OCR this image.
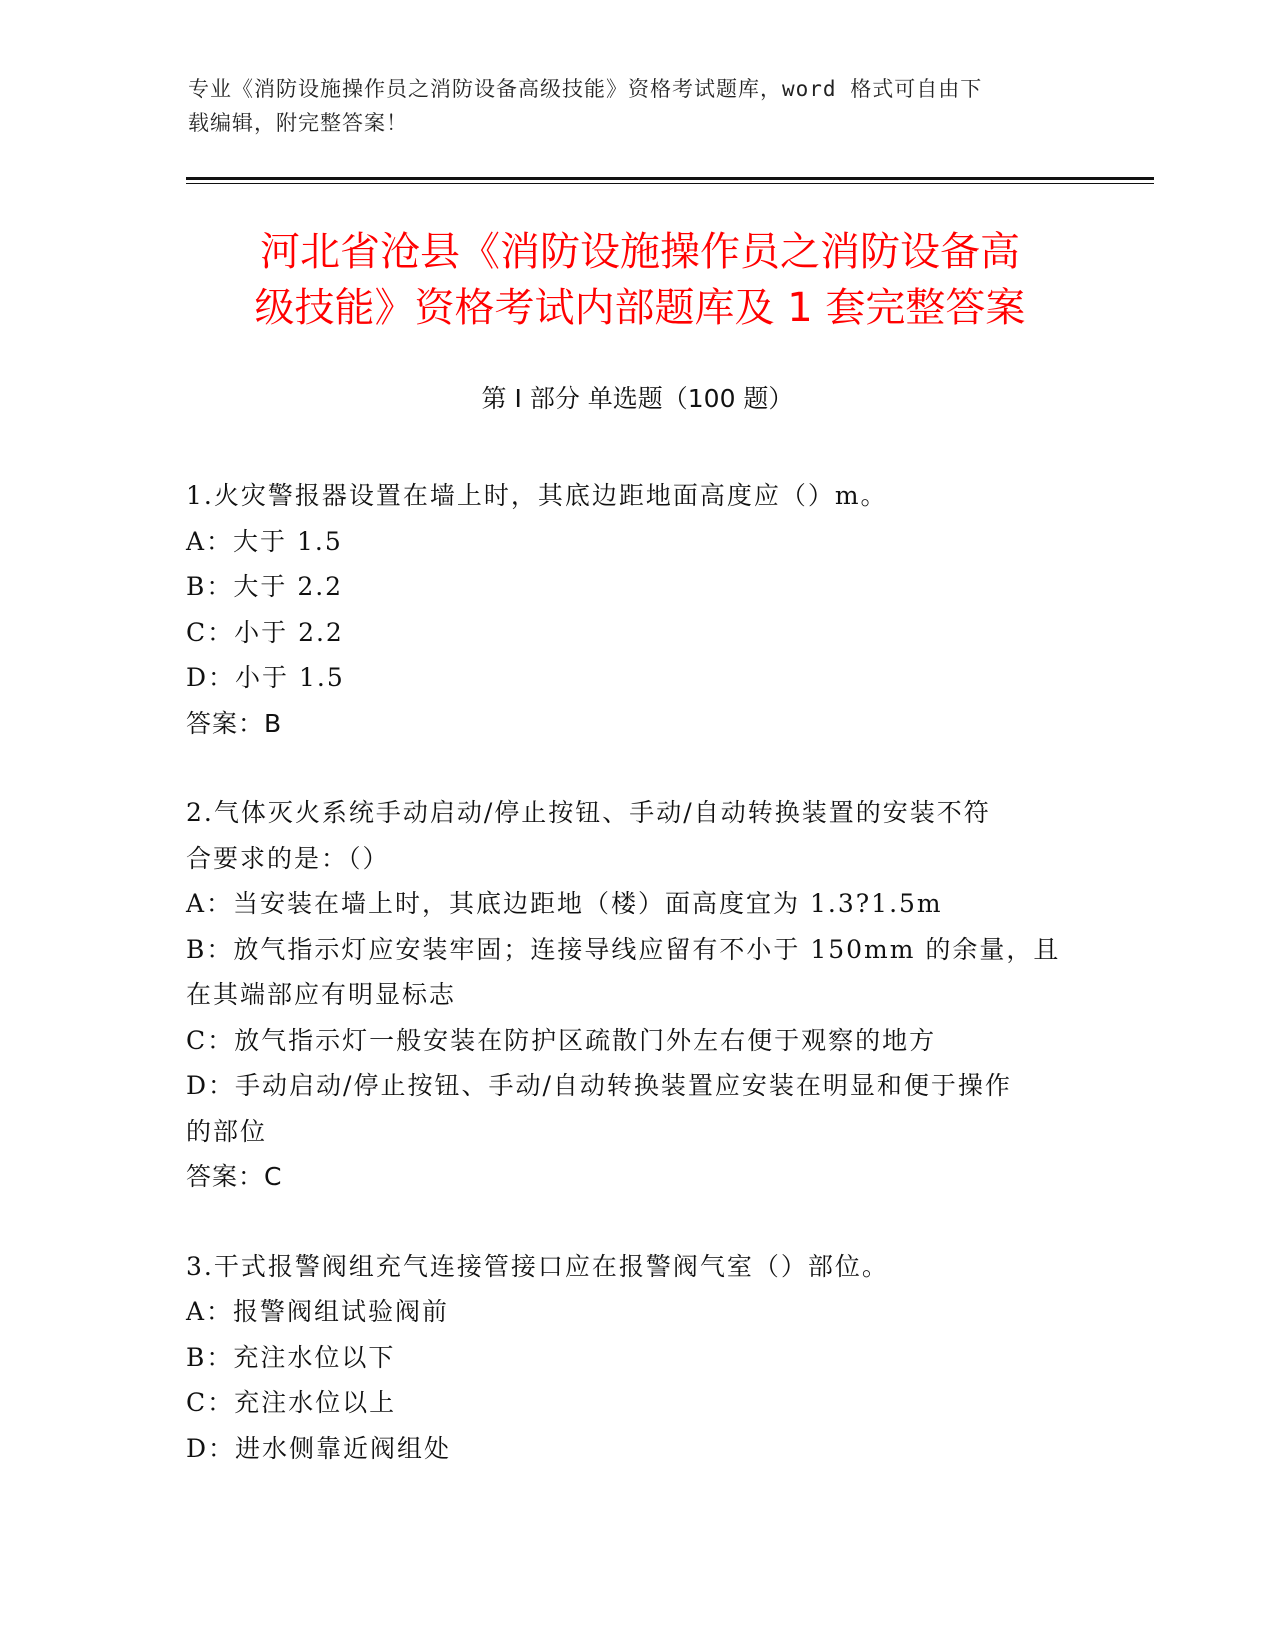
专业《消防设施操作员之消防设备高级技能》资格考试题库，word 格式可自由下
载编辑，附完整答案！
河北省沧县《消防设施操作员之消防设备高
级技能》资格考试内部题库及 1 套完整答案
第 I 部分 单选题（100 题）
1.火灾警报器设置在墙上时，其底边距地面高度应（）m。
A：大于 1.5
B：大于 2.2
C：小于 2.2
D：小于 1.5
答案：B
2.气体灭火系统手动启动/停止按钮、手动/自动转换装置的安装不符
合要求的是：（）
A：当安装在墙上时，其底边距地（楼）面高度宜为 1.3?1.5m
B：放气指示灯应安装牢固；连接导线应留有不小于 150mm 的余量，且
在其端部应有明显标志
C：放气指示灯一般安装在防护区疏散门外左右便于观察的地方
D：手动启动/停止按钮、手动/自动转换装置应安装在明显和便于操作
的部位
答案：C
3.干式报警阀组充气连接管接口应在报警阀气室（）部位。
A：报警阀组试验阀前
B：充注水位以下
C：充注水位以上
D：进水侧靠近阀组处
